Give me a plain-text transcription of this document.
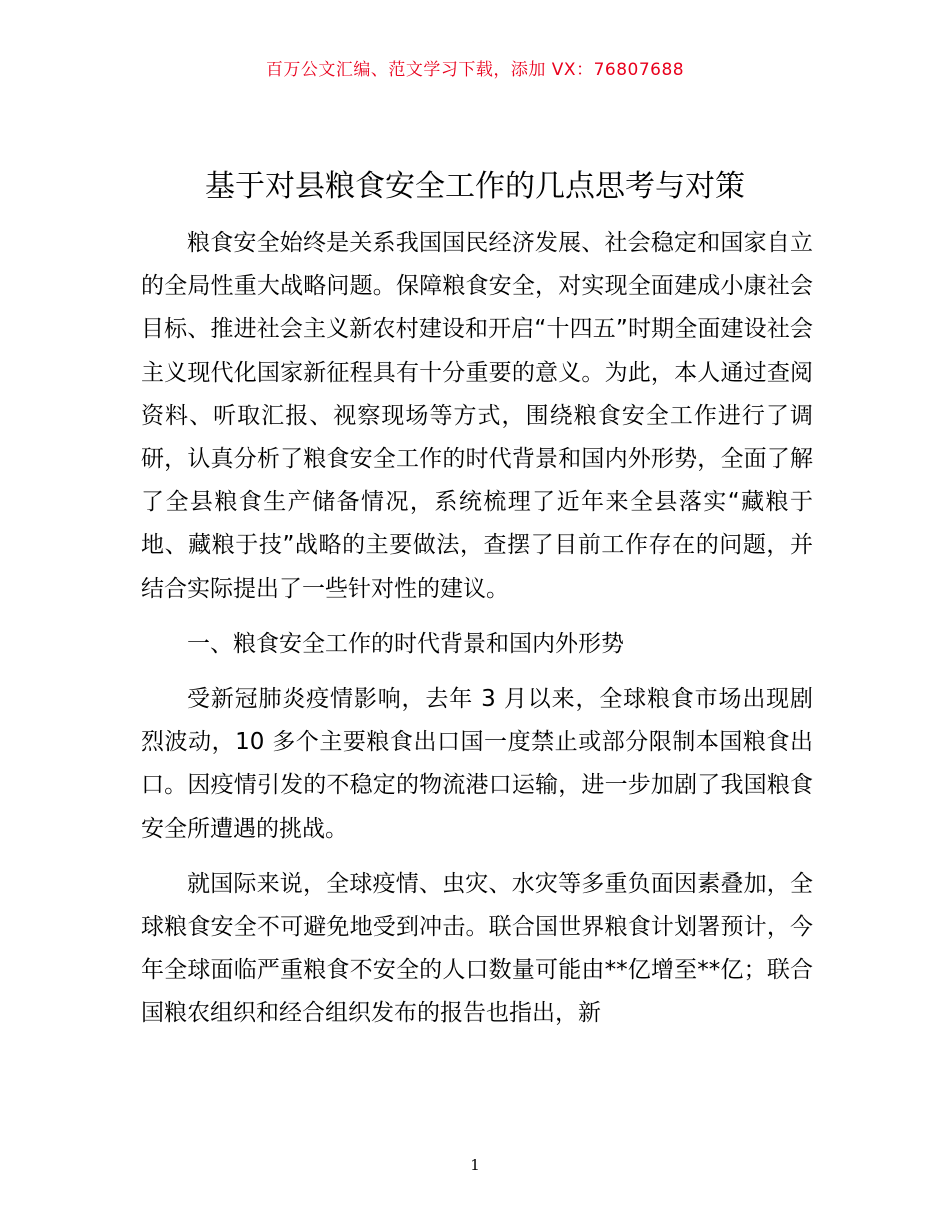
百万公文汇编、范文学习下载，添加 VX：76807688
基于对县粮食安全工作的几点思考与对策

粮食安全始终是关系我国国民经济发展、社会稳定和国家自立的全局性重大战略问题。保障粮食安全，对实现全面建成小康社会目标、推进社会主义新农村建设和开启“十四五”时期全面建设社会主义现代化国家新征程具有十分重要的意义。为此，本人通过查阅资料、听取汇报、视察现场等方式，围绕粮食安全工作进行了调研，认真分析了粮食安全工作的时代背景和国内外形势，全面了解了全县粮食生产储备情况，系统梳理了近年来全县落实“藏粮于地、藏粮于技”战略的主要做法，查摆了目前工作存在的问题，并结合实际提出了一些针对性的建议。

一、粮食安全工作的时代背景和国内外形势

受新冠肺炎疫情影响，去年 3 月以来，全球粮食市场出现剧烈波动，10 多个主要粮食出口国一度禁止或部分限制本国粮食出口。因疫情引发的不稳定的物流港口运输，进一步加剧了我国粮食安全所遭遇的挑战。

就国际来说，全球疫情、虫灾、水灾等多重负面因素叠加，全球粮食安全不可避免地受到冲击。联合国世界粮食计划署预计，今年全球面临严重粮食不安全的人口数量可能由**亿增至**亿；联合国粮农组织和经合组织发布的报告也指出，新

1
